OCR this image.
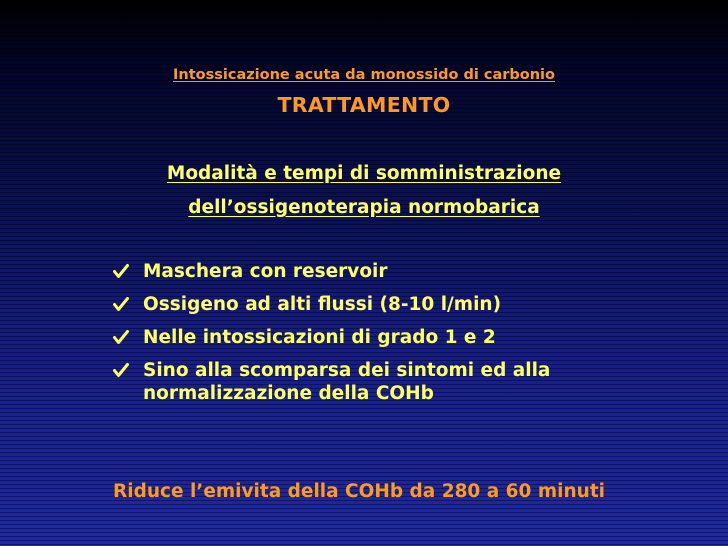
Intossicazione acuta da monossido di carbonio
TRATTAMENTO
Modalità e tempi di somministrazione
dell’ossigenoterapia normobarica
Maschera con reservoir
Ossigeno ad alti flussi (8-10 l/min)
Nelle intossicazioni di grado 1 e 2
Sino alla scomparsa dei sintomi ed alla
normalizzazione della COHb
Riduce l’emivita della COHb da 280 a 60 minuti
